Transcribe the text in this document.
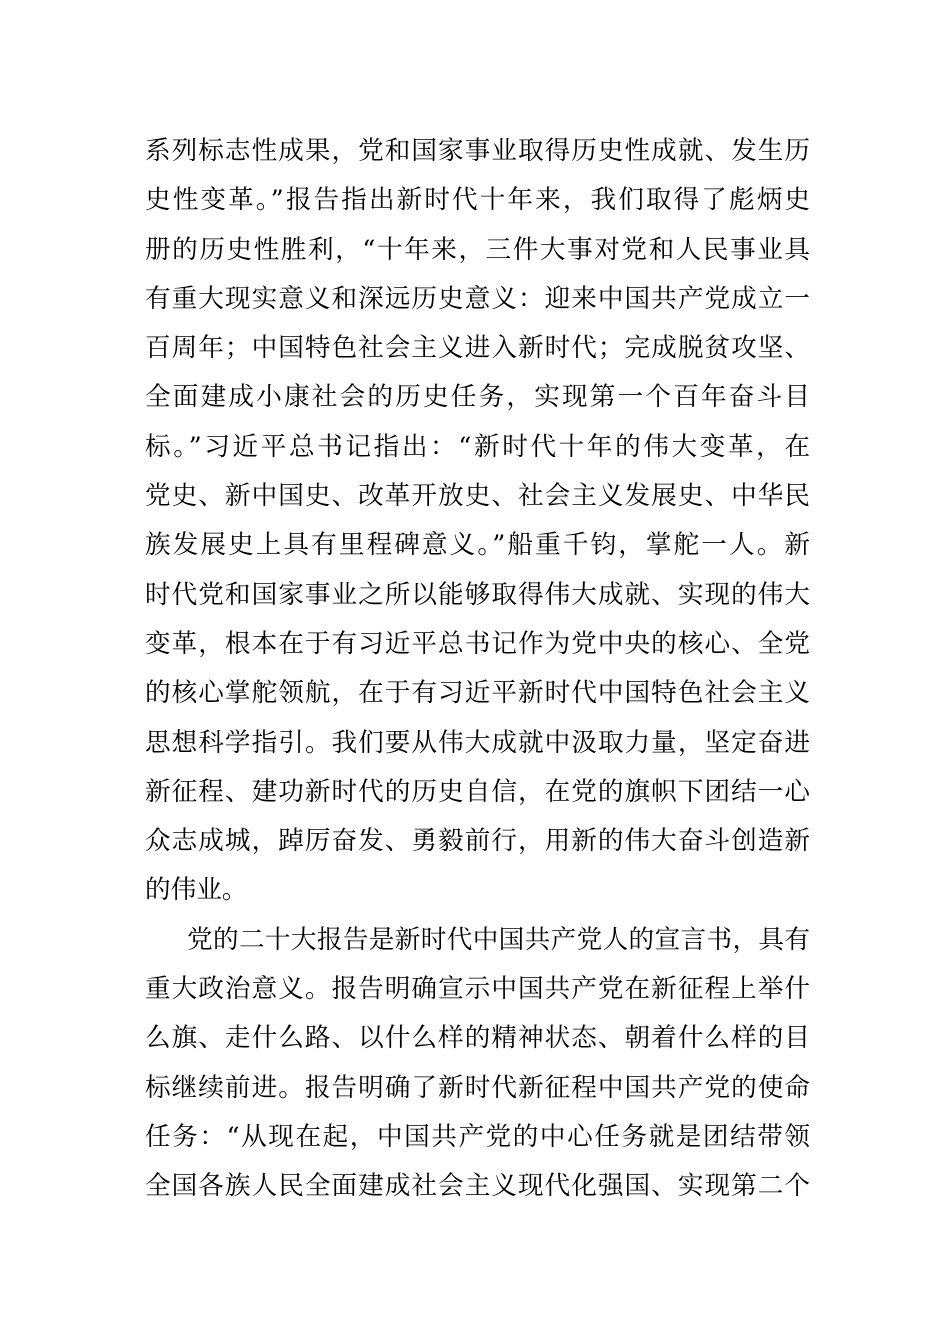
系列标志性成果，党和国家事业取得历史性成就、发生历
史性变革。”报告指出新时代十年来，我们取得了彪炳史
册的历史性胜利，“十年来，三件大事对党和人民事业具
有重大现实意义和深远历史意义：迎来中国共产党成立一
百周年；中国特色社会主义进入新时代；完成脱贫攻坚、
全面建成小康社会的历史任务，实现第一个百年奋斗目
标。”习近平总书记指出：“新时代十年的伟大变革，在
党史、新中国史、改革开放史、社会主义发展史、中华民
族发展史上具有里程碑意义。”船重千钧，掌舵一人。新
时代党和国家事业之所以能够取得伟大成就、实现的伟大
变革，根本在于有习近平总书记作为党中央的核心、全党
的核心掌舵领航，在于有习近平新时代中国特色社会主义
思想科学指引。我们要从伟大成就中汲取力量，坚定奋进
新征程、建功新时代的历史自信，在党的旗帜下团结一心
众志成城，踔厉奋发、勇毅前行，用新的伟大奋斗创造新
的伟业。
党的二十大报告是新时代中国共产党人的宣言书，具有
重大政治意义。报告明确宣示中国共产党在新征程上举什
么旗、走什么路、以什么样的精神状态、朝着什么样的目
标继续前进。报告明确了新时代新征程中国共产党的使命
任务：“从现在起，中国共产党的中心任务就是团结带领
全国各族人民全面建成社会主义现代化强国、实现第二个
